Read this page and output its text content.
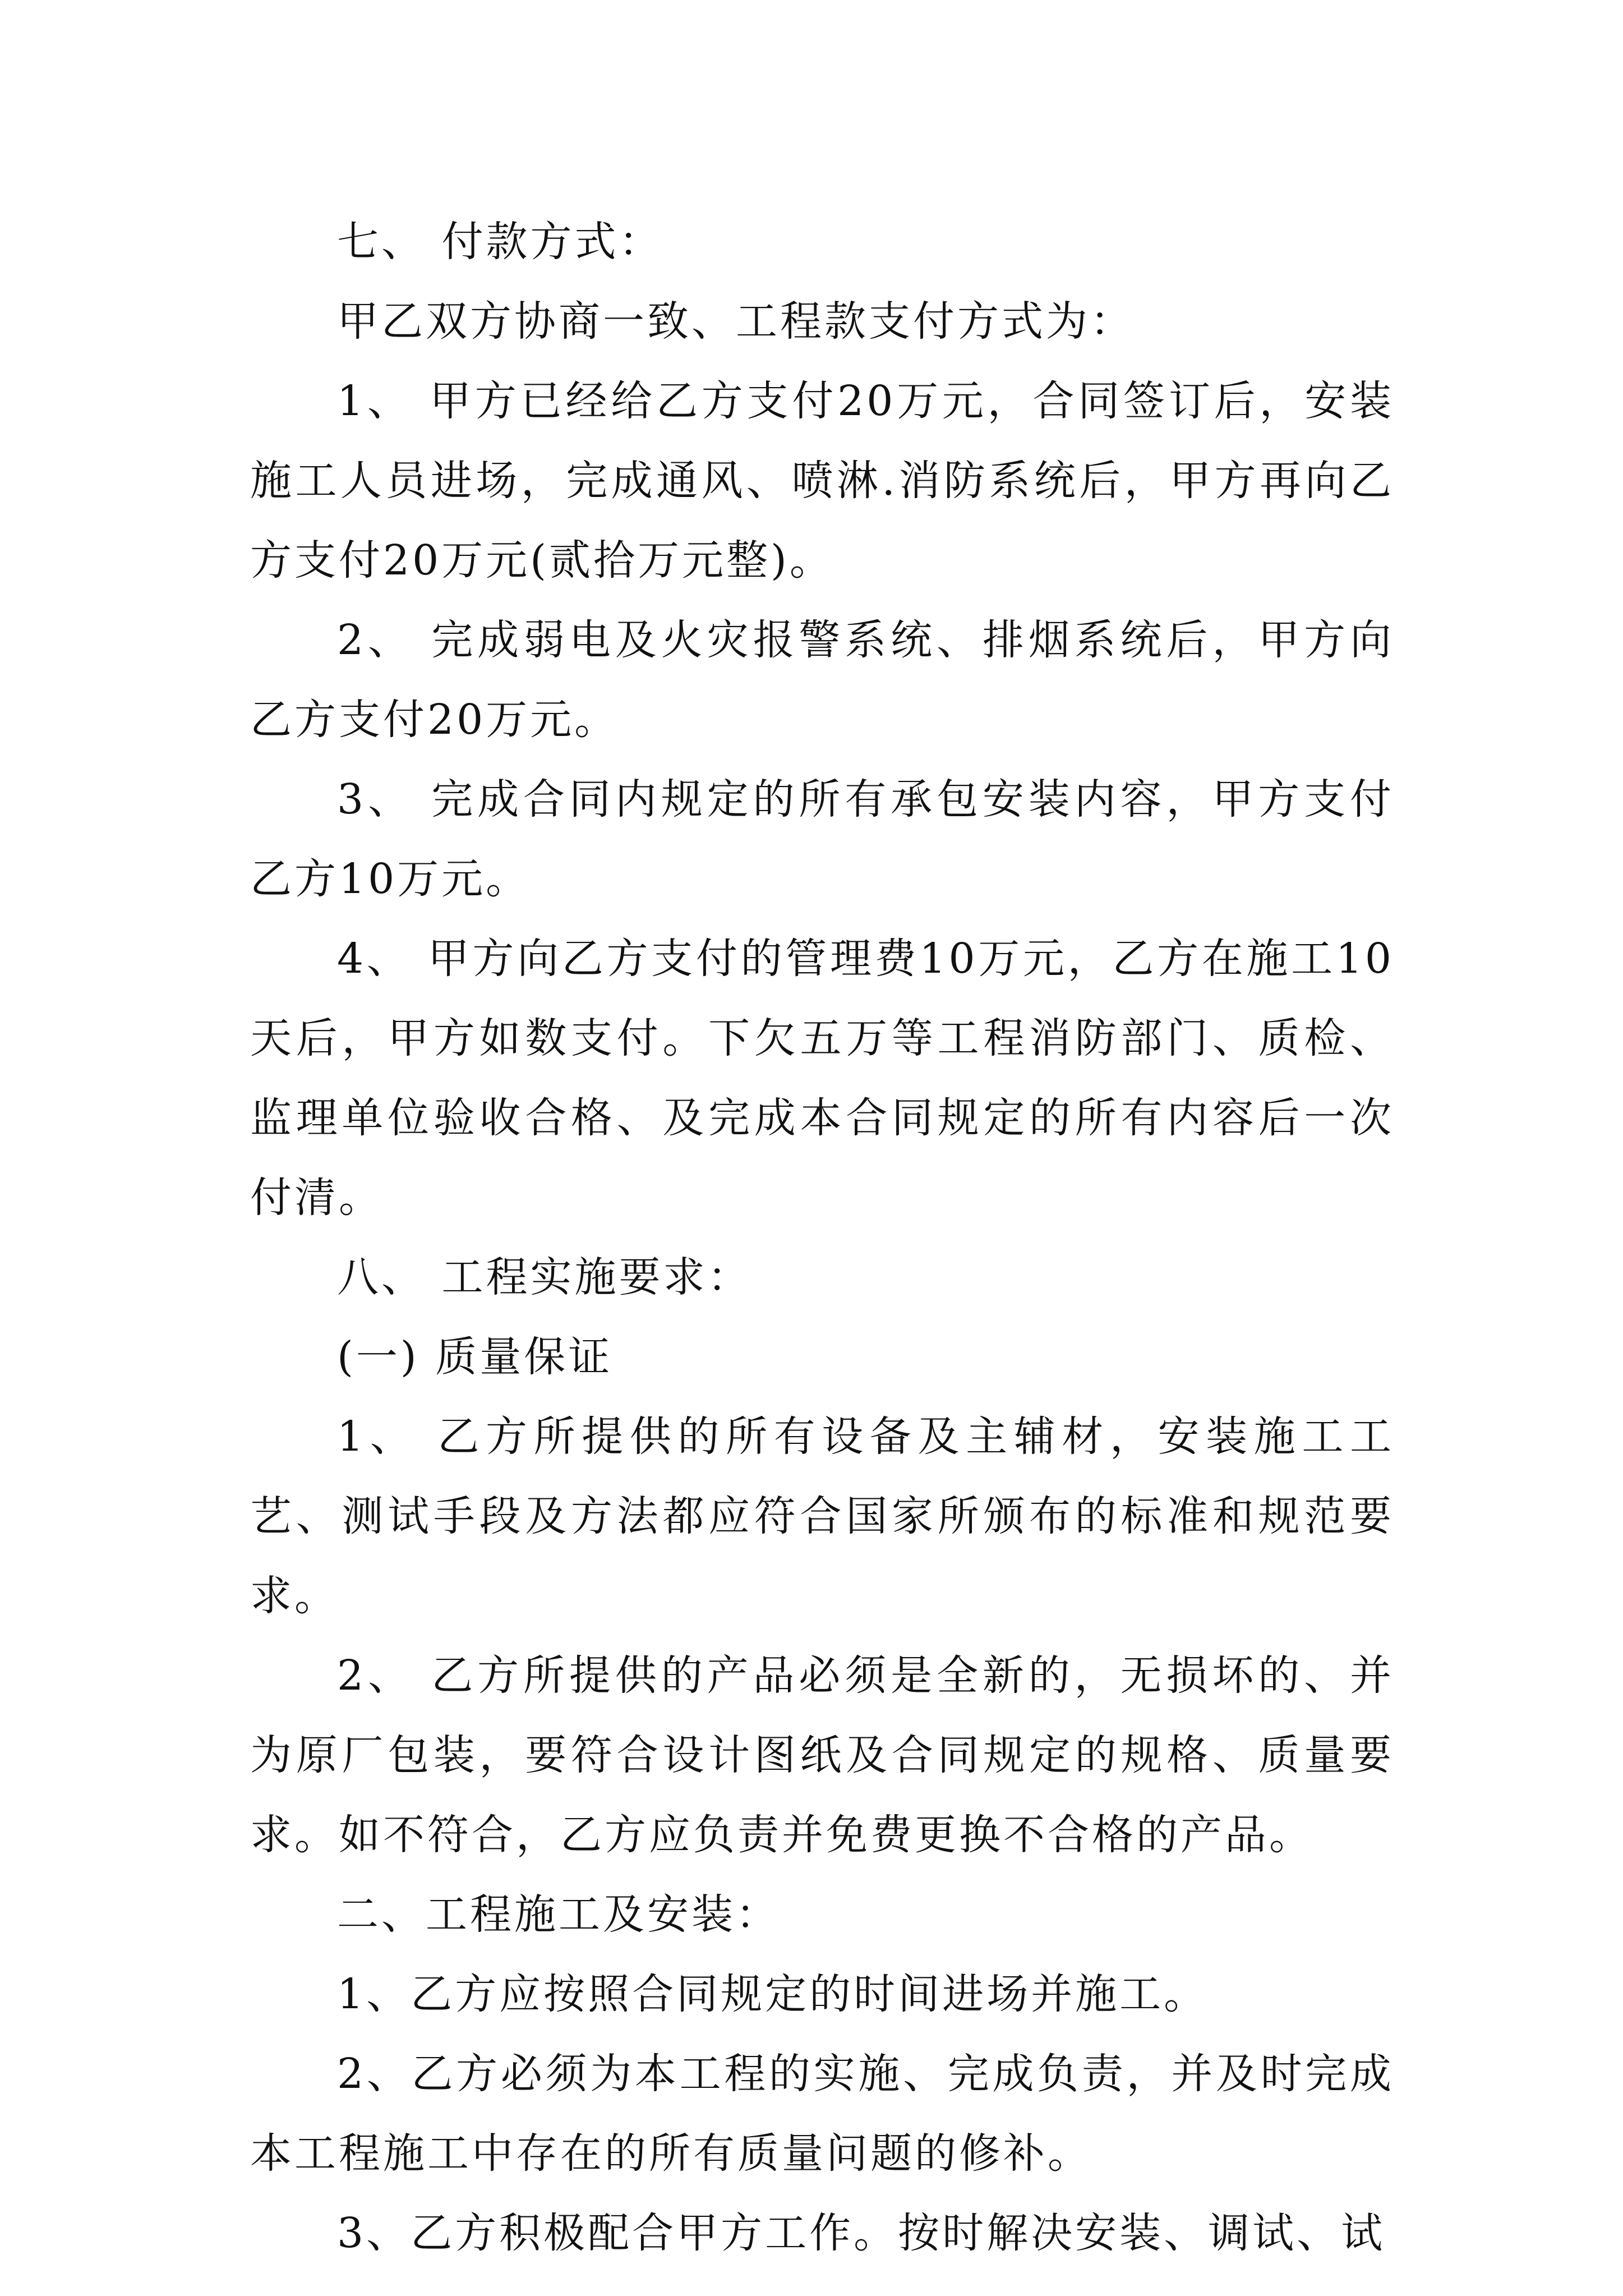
七、 付款方式：

甲乙双方协商一致、工程款支付方式为：

1、 甲方已经给乙方支付20万元，合同签订后，安装施工人员进场，完成通风、喷淋.消防系统后，甲方再向乙方支付20万元(贰拾万元整)。

2、 完成弱电及火灾报警系统、排烟系统后，甲方向乙方支付20万元。

3、 完成合同内规定的所有承包安装内容，甲方支付乙方10万元。

4、 甲方向乙方支付的管理费10万元，乙方在施工10天后，甲方如数支付。下欠五万等工程消防部门、质检、监理单位验收合格、及完成本合同规定的所有内容后一次付清。

八、 工程实施要求：

(一) 质量保证

1、 乙方所提供的所有设备及主辅材，安装施工工艺、测试手段及方法都应符合国家所颁布的标准和规范要求。

2、 乙方所提供的产品必须是全新的，无损坏的、并为原厂包装，要符合设计图纸及合同规定的规格、质量要求。如不符合，乙方应负责并免费更换不合格的产品。

二、工程施工及安装：

1、乙方应按照合同规定的时间进场并施工。

2、乙方必须为本工程的实施、完成负责，并及时完成本工程施工中存在的所有质量问题的修补。

3、乙方积极配合甲方工作。按时解决安装、调试、试
